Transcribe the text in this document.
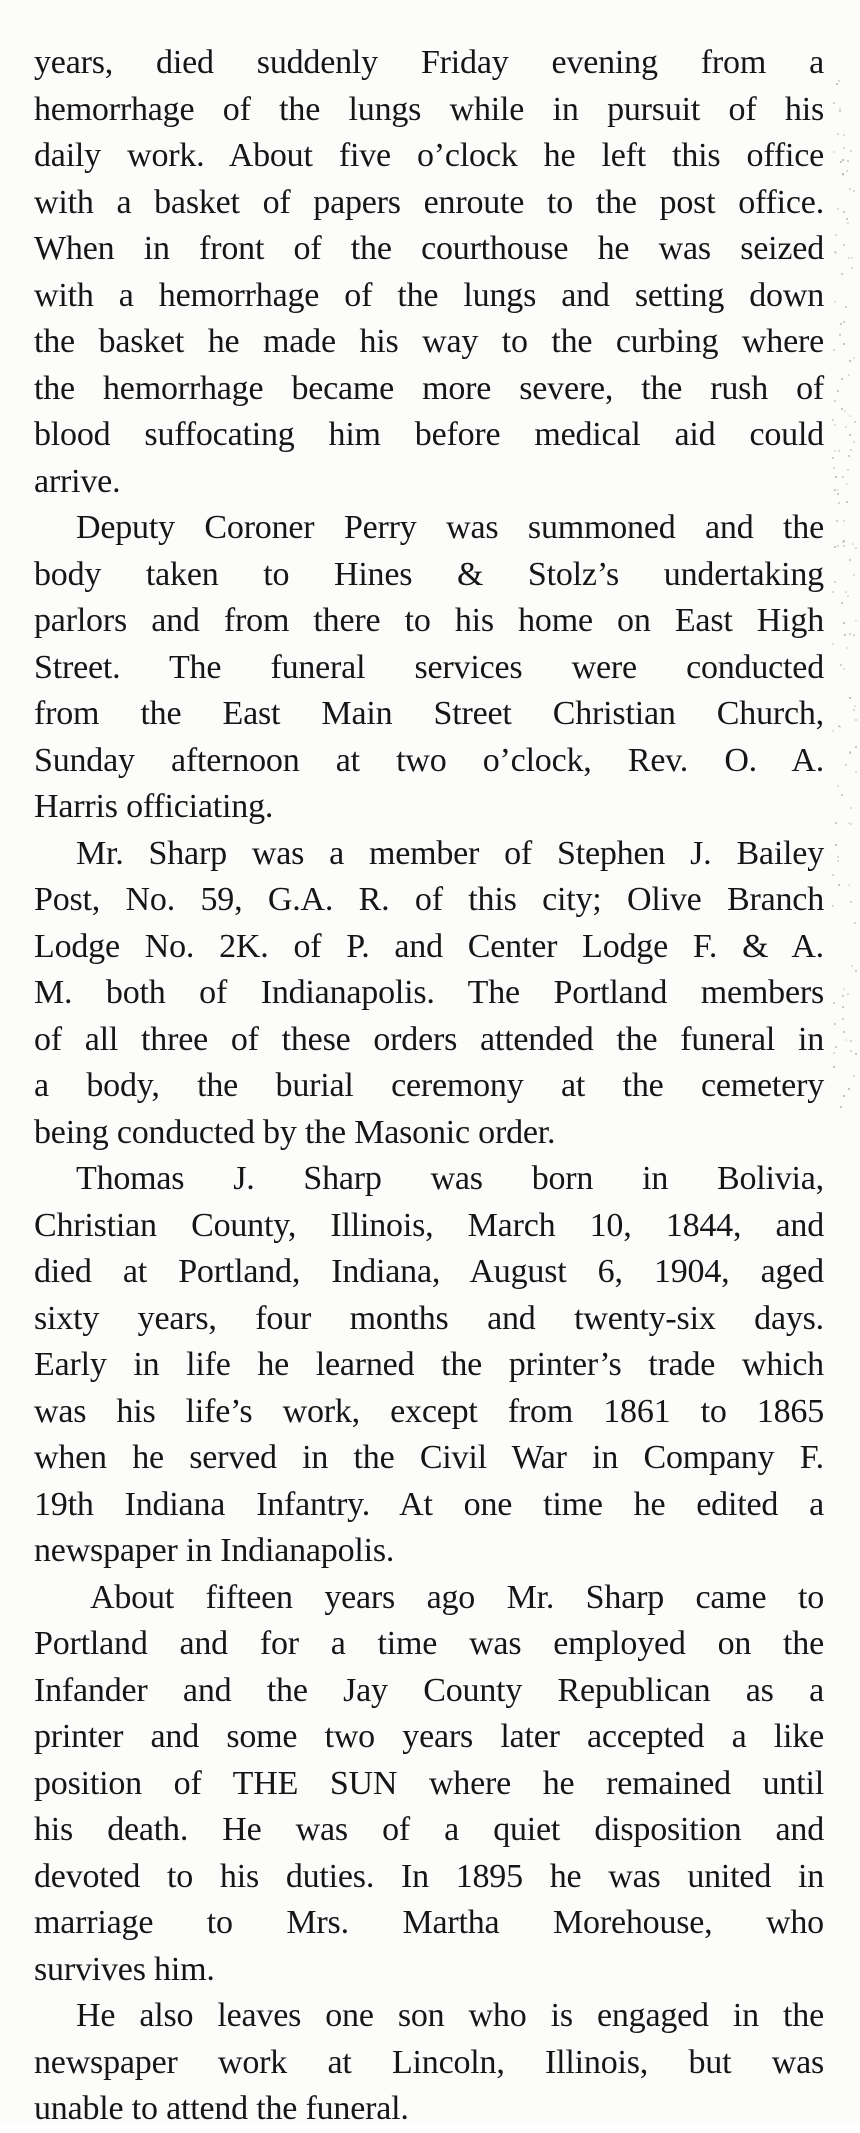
years, died suddenly Friday evening from a
hemorrhage of the lungs while in pursuit of his
daily work. About five o’clock he left this office
with a basket of papers enroute to the post office.
When in front of the courthouse he was seized
with a hemorrhage of the lungs and setting down
the basket he made his way to the curbing where
the hemorrhage became more severe, the rush of
blood suffocating him before medical aid could
arrive.

Deputy Coroner Perry was summoned and the
body taken to Hines & Stolz’s undertaking
parlors and from there to his home on East High
Street. The funeral services were conducted
from the East Main Street Christian Church,
Sunday afternoon at two o’clock, Rev. O. A.
Harris officiating.

Mr. Sharp was a member of Stephen J. Bailey
Post, No. 59, G.A. R. of this city; Olive Branch
Lodge No. 2K. of P. and Center Lodge F. & A.
M. both of Indianapolis. The Portland members
of all three of these orders attended the funeral in
a body, the burial ceremony at the cemetery
being conducted by the Masonic order.

Thomas J. Sharp was born in Bolivia,
Christian County, Illinois, March 10, 1844, and
died at Portland, Indiana, August 6, 1904, aged
sixty years, four months and twenty-six days.
Early in life he learned the printer’s trade which
was his life’s work, except from 1861 to 1865
when he served in the Civil War in Company F.
19th Indiana Infantry. At one time he edited a
newspaper in Indianapolis.

About fifteen years ago Mr. Sharp came to
Portland and for a time was employed on the
Infander and the Jay County Republican as a
printer and some two years later accepted a like
position of THE SUN where he remained until
his death. He was of a quiet disposition and
devoted to his duties. In 1895 he was united in
marriage to Mrs. Martha Morehouse, who
survives him.

He also leaves one son who is engaged in the
newspaper work at Lincoln, Illinois, but was
unable to attend the funeral.
